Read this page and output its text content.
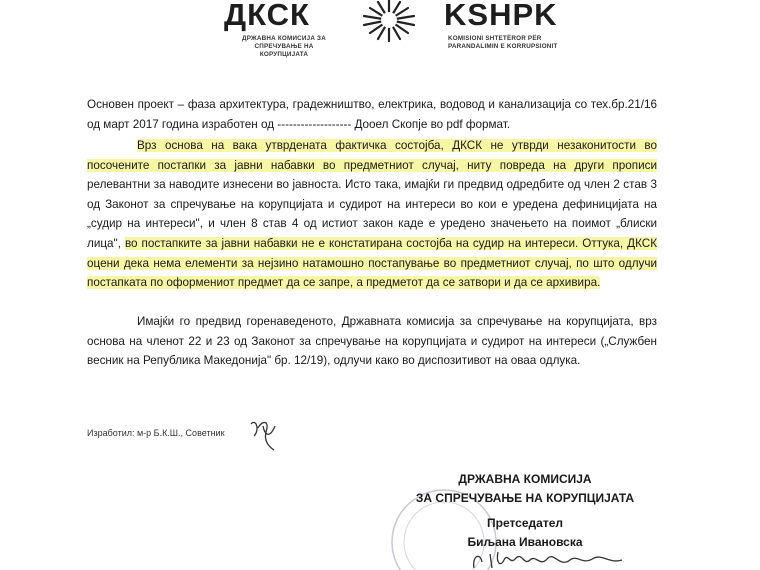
ДКСК	KSHPK
ДРЖАВНА КОМИСИЈА ЗА СПРЕЧУВАЊЕ НА КОРУПЦИЈАТА
KOMISIONI SHTETËROR PËR PARANDALIMIN E KORRUPSIONIT
Основен проект – фаза архитектура, градежништво, електрика, водовод и канализација со тех.бр.21/16 од март 2017 година изработен од ------------------- Дооел Скопје во pdf формат.
Врз основа на вака утврдената фактичка состојба, ДКСК не утврди незаконитости во посочените постапки за јавни набавки во предметниот случај, ниту повреда на други прописи релевантни за наводите изнесени во јавноста. Исто така, имајќи ги предвид одредбите од член 2 став 3 од Законот за спречување на корупцијата и судирот на интереси во кои е уредена дефиницијата на „судир на интереси", и член 8 став 4 од истиот закон каде е уредено значењето на поимот „блиски лица", во постапките за јавни набавки не е констатирана состојба на судир на интереси. Оттука, ДКСК оцени дека нема елементи за нејзино натамошно постапување во предметниот случај, по што одлучи постапката по оформениот предмет да се запре, а предметот да се затвори и да се архивира.
Имајќи го предвид горенаведеното, Државната комисија за спречување на корупцијата, врз основа на членот 22 и 23 од Законот за спречување на корупцијата и судирот на интереси („Службен весник на Република Македонија" бр. 12/19), одлучи како во диспозитивот на оваа одлука.
Изработил: м-р Б.К.Ш., Советник
ДРЖАВНА КОМИСИЈА
ЗА СПРЕЧУВАЊЕ НА КОРУПЦИЈАТА
Претседател
Биљана Ивановска
